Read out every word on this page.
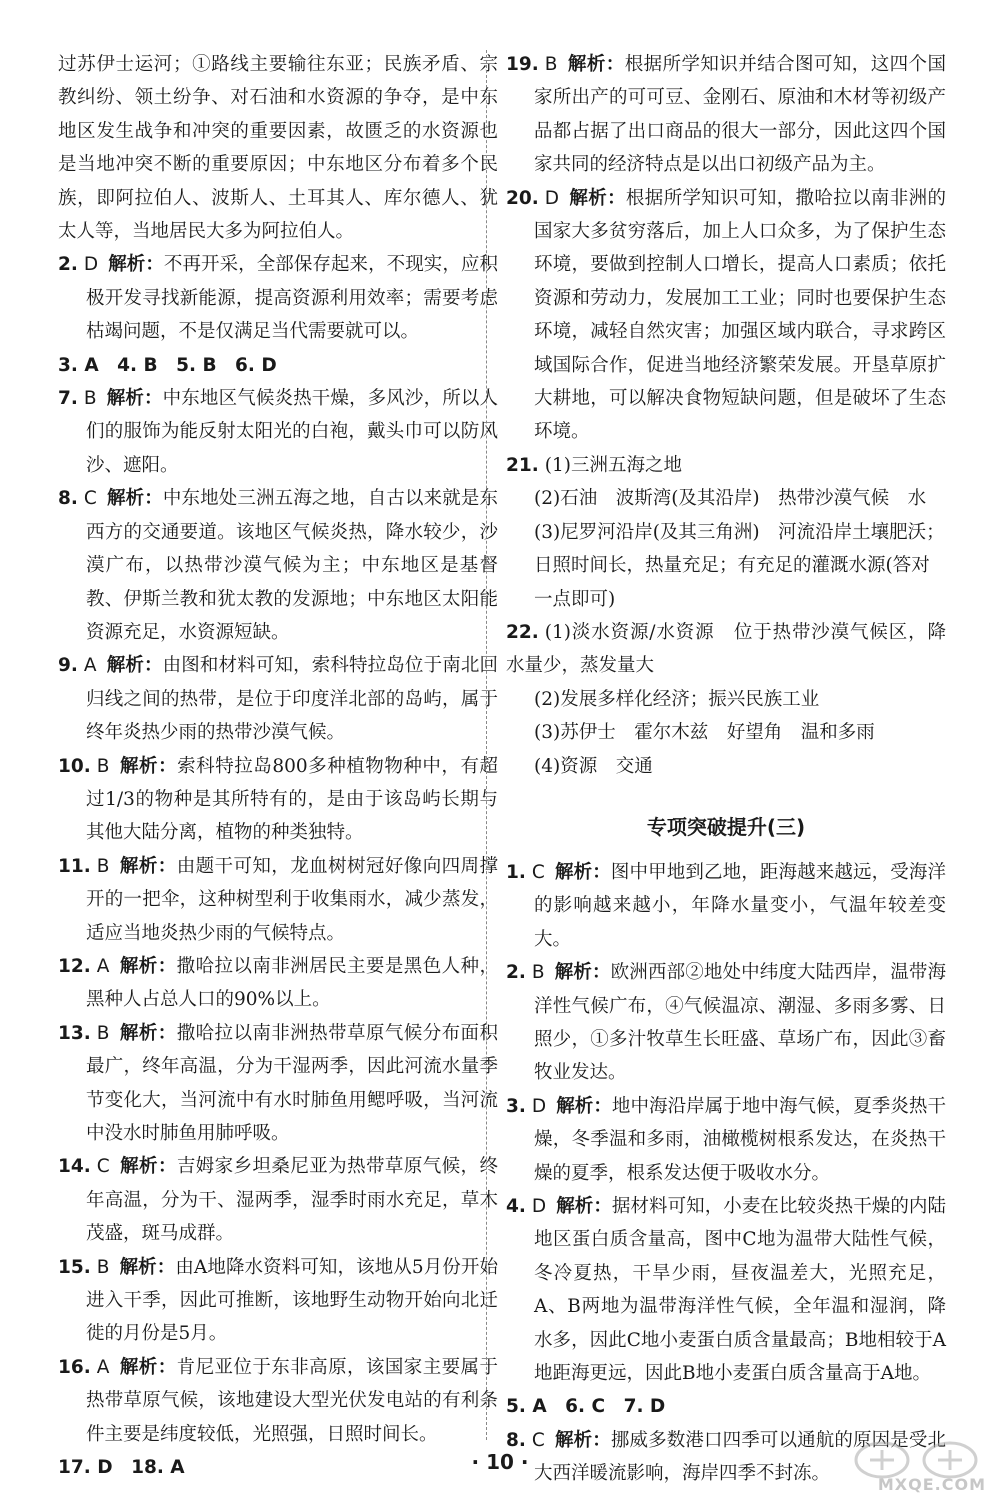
过苏伊士运河；①路线主要输往东亚；民族矛盾、宗教纠纷、领土纷争、对石油和水资源的争夺，是中东地区发生战争和冲突的重要因素，故匮乏的水资源也是当地冲突不断的重要原因；中东地区分布着多个民族，即阿拉伯人、波斯人、土耳其人、库尔德人、犹太人等，当地居民大多为阿拉伯人。

2. D 解析：不再开采，全部保存起来，不现实，应积极开发寻找新能源，提高资源利用效率；需要考虑枯竭问题，不是仅满足当代需要就可以。

3. A　4. B　5. B　6. D

7. B 解析：中东地区气候炎热干燥，多风沙，所以人们的服饰为能反射太阳光的白袍，戴头巾可以防风沙、遮阳。

8. C 解析：中东地处三洲五海之地，自古以来就是东西方的交通要道。该地区气候炎热，降水较少，沙漠广布，以热带沙漠气候为主；中东地区是基督教、伊斯兰教和犹太教的发源地；中东地区太阳能资源充足，水资源短缺。

9. A 解析：由图和材料可知，索科特拉岛位于南北回归线之间的热带，是位于印度洋北部的岛屿，属于终年炎热少雨的热带沙漠气候。

10. B 解析：索科特拉岛800多种植物物种中，有超过1/3的物种是其所特有的，是由于该岛屿长期与其他大陆分离，植物的种类独特。

11. B 解析：由题干可知，龙血树树冠好像向四周撑开的一把伞，这种树型利于收集雨水，减少蒸发，适应当地炎热少雨的气候特点。

12. A 解析：撒哈拉以南非洲居民主要是黑色人种，黑种人占总人口的90%以上。

13. B 解析：撒哈拉以南非洲热带草原气候分布面积最广，终年高温，分为干湿两季，因此河流水量季节变化大，当河流中有水时肺鱼用鳃呼吸，当河流中没水时肺鱼用肺呼吸。

14. C 解析：吉姆家乡坦桑尼亚为热带草原气候，终年高温，分为干、湿两季，湿季时雨水充足，草木茂盛，斑马成群。

15. B 解析：由A地降水资料可知，该地从5月份开始进入干季，因此可推断，该地野生动物开始向北迁徙的月份是5月。

16. A 解析：肯尼亚位于东非高原，该国家主要属于热带草原气候，该地建设大型光伏发电站的有利条件主要是纬度较低，光照强，日照时间长。

17. D　18. A

19. B 解析：根据所学知识并结合图可知，这四个国家所出产的可可豆、金刚石、原油和木材等初级产品都占据了出口商品的很大一部分，因此这四个国家共同的经济特点是以出口初级产品为主。

20. D 解析：根据所学知识可知，撒哈拉以南非洲的国家大多贫穷落后，加上人口众多，为了保护生态环境，要做到控制人口增长，提高人口素质；依托资源和劳动力，发展加工工业；同时也要保护生态环境，减轻自然灾害；加强区域内联合，寻求跨区域国际合作，促进当地经济繁荣发展。开垦草原扩大耕地，可以解决食物短缺问题，但是破坏了生态环境。

21. (1)三洲五海之地

(2)石油　波斯湾(及其沿岸)　热带沙漠气候　水

(3)尼罗河沿岸(及其三角洲)　河流沿岸土壤肥沃；日照时间长，热量充足；有充足的灌溉水源(答对一点即可)

22. (1)淡水资源/水资源　位于热带沙漠气候区，降水量少，蒸发量大

(2)发展多样化经济；振兴民族工业

(3)苏伊士　霍尔木兹　好望角　温和多雨

(4)资源　交通

专项突破提升(三)

1. C 解析：图中甲地到乙地，距海越来越远，受海洋的影响越来越小，年降水量变小，气温年较差变大。

2. B 解析：欧洲西部②地处中纬度大陆西岸，温带海洋性气候广布，④气候温凉、潮湿、多雨多雾、日照少，①多汁牧草生长旺盛、草场广布，因此③畜牧业发达。

3. D 解析：地中海沿岸属于地中海气候，夏季炎热干燥，冬季温和多雨，油橄榄树根系发达，在炎热干燥的夏季，根系发达便于吸收水分。

4. D 解析：据材料可知，小麦在比较炎热干燥的内陆地区蛋白质含量高，图中C地为温带大陆性气候，冬冷夏热，干旱少雨，昼夜温差大，光照充足，A、B两地为温带海洋性气候，全年温和湿润，降水多，因此C地小麦蛋白质含量最高；B地相较于A地距海更远，因此B地小麦蛋白质含量高于A地。

5. A　6. C　7. D

8. C 解析：挪威多数港口四季可以通航的原因是受北大西洋暖流影响，海岸四季不封冻。

· 10 ·
MXQE.COM
